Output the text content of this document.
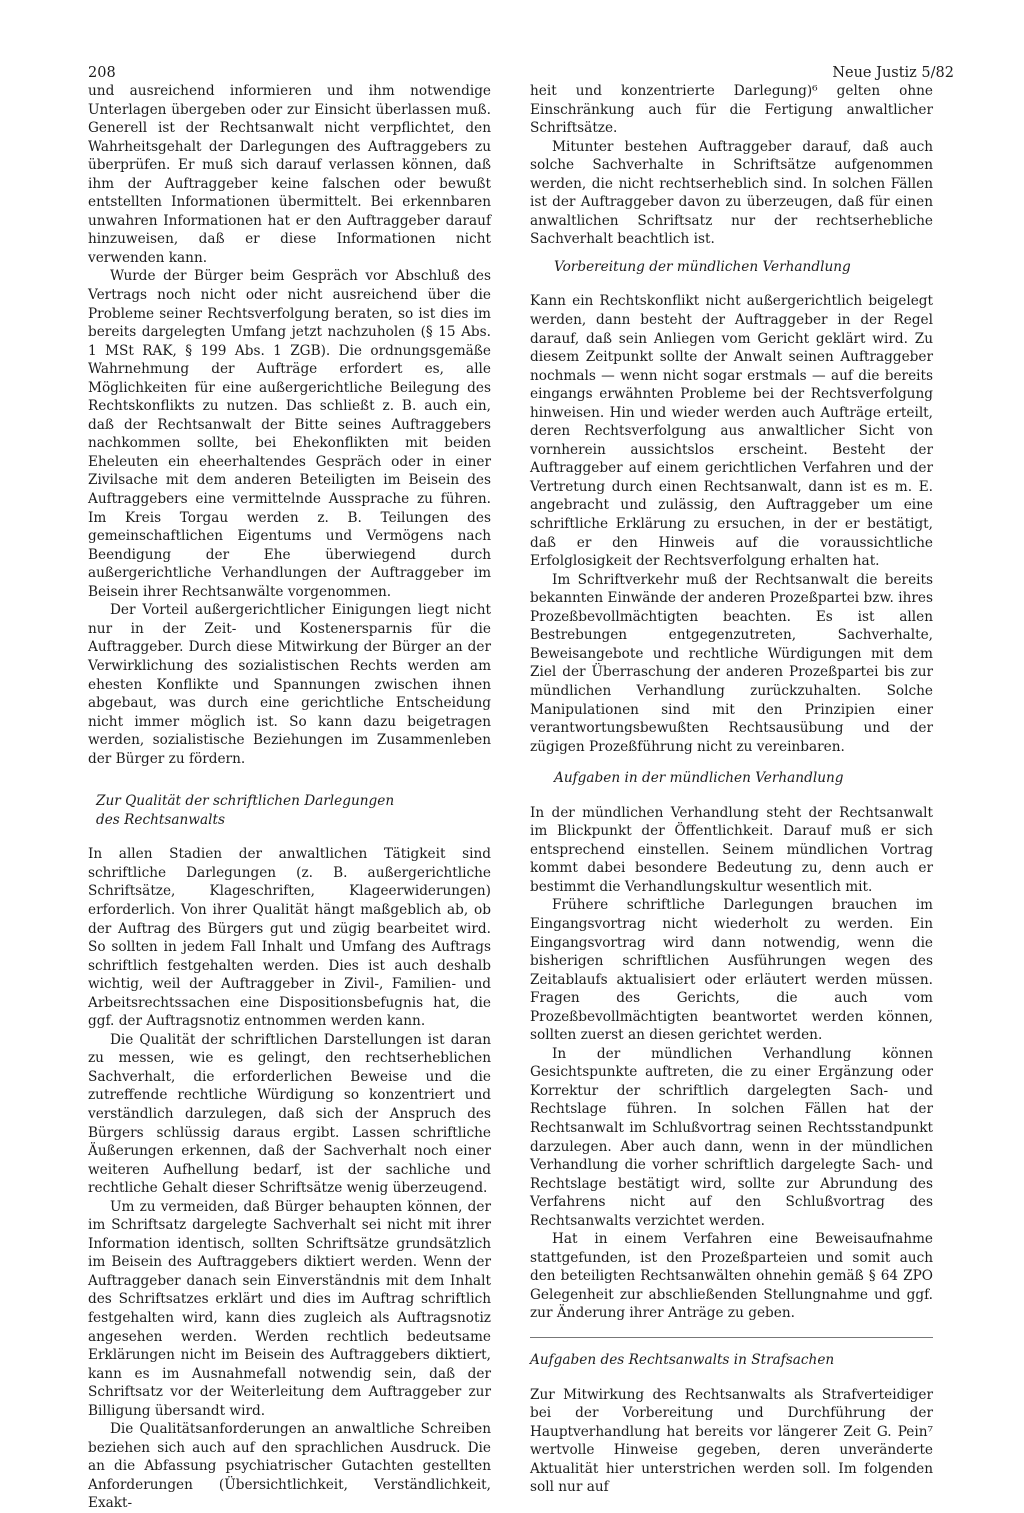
208	Neue Justiz 5/82

und ausreichend informieren und ihm notwendige Unterlagen übergeben oder zur Einsicht überlassen muß. Generell ist der Rechtsanwalt nicht verpflichtet, den Wahrheitsgehalt der Darlegungen des Auftraggebers zu überprüfen. Er muß sich darauf verlassen können, daß ihm der Auftraggeber keine falschen oder bewußt entstellten Informationen übermittelt. Bei erkennbaren unwahren Informationen hat er den Auftraggeber darauf hinzuweisen, daß er diese Informationen nicht verwenden kann.

Wurde der Bürger beim Gespräch vor Abschluß des Vertrags noch nicht oder nicht ausreichend über die Probleme seiner Rechtsverfolgung beraten, so ist dies im bereits dargelegten Umfang jetzt nachzuholen (§ 15 Abs. 1 MSt RAK, § 199 Abs. 1 ZGB). Die ordnungsgemäße Wahrnehmung der Aufträge erfordert es, alle Möglichkeiten für eine außergerichtliche Beilegung des Rechtskonflikts zu nutzen. Das schließt z. B. auch ein, daß der Rechtsanwalt der Bitte seines Auftraggebers nachkommen sollte, bei Ehekonflikten mit beiden Eheleuten ein eheerhaltendes Gespräch oder in einer Zivilsache mit dem anderen Beteiligten im Beisein des Auftraggebers eine vermittelnde Aussprache zu führen. Im Kreis Torgau werden z. B. Teilungen des gemeinschaftlichen Eigentums und Vermögens nach Beendigung der Ehe überwiegend durch außergerichtliche Verhandlungen der Auftraggeber im Beisein ihrer Rechtsanwälte vorgenommen.

Der Vorteil außergerichtlicher Einigungen liegt nicht nur in der Zeit- und Kostenersparnis für die Auftraggeber. Durch diese Mitwirkung der Bürger an der Verwirklichung des sozialistischen Rechts werden am ehesten Konflikte und Spannungen zwischen ihnen abgebaut, was durch eine gerichtliche Entscheidung nicht immer möglich ist. So kann dazu beigetragen werden, sozialistische Beziehungen im Zusammenleben der Bürger zu fördern.

Zur Qualität der schriftlichen Darlegungen
des Rechtsanwalts

In allen Stadien der anwaltlichen Tätigkeit sind schriftliche Darlegungen (z. B. außergerichtliche Schriftsätze, Klageschriften, Klageerwiderungen) erforderlich. Von ihrer Qualität hängt maßgeblich ab, ob der Auftrag des Bürgers gut und zügig bearbeitet wird. So sollten in jedem Fall Inhalt und Umfang des Auftrags schriftlich festgehalten werden. Dies ist auch deshalb wichtig, weil der Auftraggeber in Zivil-, Familien- und Arbeitsrechtssachen eine Dispositionsbefugnis hat, die ggf. der Auftragsnotiz entnommen werden kann.

Die Qualität der schriftlichen Darstellungen ist daran zu messen, wie es gelingt, den rechtserheblichen Sachverhalt, die erforderlichen Beweise und die zutreffende rechtliche Würdigung so konzentriert und verständlich darzulegen, daß sich der Anspruch des Bürgers schlüssig daraus ergibt. Lassen schriftliche Äußerungen erkennen, daß der Sachverhalt noch einer weiteren Aufhellung bedarf, ist der sachliche und rechtliche Gehalt dieser Schriftsätze wenig überzeugend.

Um zu vermeiden, daß Bürger behaupten können, der im Schriftsatz dargelegte Sachverhalt sei nicht mit ihrer Information identisch, sollten Schriftsätze grundsätzlich im Beisein des Auftraggebers diktiert werden. Wenn der Auftraggeber danach sein Einverständnis mit dem Inhalt des Schriftsatzes erklärt und dies im Auftrag schriftlich festgehalten wird, kann dies zugleich als Auftragsnotiz angesehen werden. Werden rechtlich bedeutsame Erklärungen nicht im Beisein des Auftraggebers diktiert, kann es im Ausnahmefall notwendig sein, daß der Schriftsatz vor der Weiterleitung dem Auftraggeber zur Billigung übersandt wird.

Die Qualitätsanforderungen an anwaltliche Schreiben beziehen sich auch auf den sprachlichen Ausdruck. Die an die Abfassung psychiatrischer Gutachten gestellten Anforderungen (Übersichtlichkeit, Verständlichkeit, Exakt-

heit und konzentrierte Darlegung)⁶ gelten ohne Einschränkung auch für die Fertigung anwaltlicher Schriftsätze.

Mitunter bestehen Auftraggeber darauf, daß auch solche Sachverhalte in Schriftsätze aufgenommen werden, die nicht rechtserheblich sind. In solchen Fällen ist der Auftraggeber davon zu überzeugen, daß für einen anwaltlichen Schriftsatz nur der rechtserhebliche Sachverhalt beachtlich ist.

Vorbereitung der mündlichen Verhandlung

Kann ein Rechtskonflikt nicht außergerichtlich beigelegt werden, dann besteht der Auftraggeber in der Regel darauf, daß sein Anliegen vom Gericht geklärt wird. Zu diesem Zeitpunkt sollte der Anwalt seinen Auftraggeber nochmals — wenn nicht sogar erstmals — auf die bereits eingangs erwähnten Probleme bei der Rechtsverfolgung hinweisen. Hin und wieder werden auch Aufträge erteilt, deren Rechtsverfolgung aus anwaltlicher Sicht von vornherein aussichtslos erscheint. Besteht der Auftraggeber auf einem gerichtlichen Verfahren und der Vertretung durch einen Rechtsanwalt, dann ist es m. E. angebracht und zulässig, den Auftraggeber um eine schriftliche Erklärung zu ersuchen, in der er bestätigt, daß er den Hinweis auf die voraussichtliche Erfolglosigkeit der Rechtsverfolgung erhalten hat.

Im Schriftverkehr muß der Rechtsanwalt die bereits bekannten Einwände der anderen Prozeßpartei bzw. ihres Prozeßbevollmächtigten beachten. Es ist allen Bestrebungen entgegenzutreten, Sachverhalte, Beweisangebote und rechtliche Würdigungen mit dem Ziel der Überraschung der anderen Prozeßpartei bis zur mündlichen Verhandlung zurückzuhalten. Solche Manipulationen sind mit den Prinzipien einer verantwortungsbewußten Rechtsausübung und der zügigen Prozeßführung nicht zu vereinbaren.

Aufgaben in der mündlichen Verhandlung

In der mündlichen Verhandlung steht der Rechtsanwalt im Blickpunkt der Öffentlichkeit. Darauf muß er sich entsprechend einstellen. Seinem mündlichen Vortrag kommt dabei besondere Bedeutung zu, denn auch er bestimmt die Verhandlungskultur wesentlich mit.

Frühere schriftliche Darlegungen brauchen im Eingangsvortrag nicht wiederholt zu werden. Ein Eingangsvortrag wird dann notwendig, wenn die bisherigen schriftlichen Ausführungen wegen des Zeitablaufs aktualisiert oder erläutert werden müssen. Fragen des Gerichts, die auch vom Prozeßbevollmächtigten beantwortet werden können, sollten zuerst an diesen gerichtet werden.

In der mündlichen Verhandlung können Gesichtspunkte auftreten, die zu einer Ergänzung oder Korrektur der schriftlich dargelegten Sach- und Rechtslage führen. In solchen Fällen hat der Rechtsanwalt im Schlußvortrag seinen Rechtsstandpunkt darzulegen. Aber auch dann, wenn in der mündlichen Verhandlung die vorher schriftlich dargelegte Sach- und Rechtslage bestätigt wird, sollte zur Abrundung des Verfahrens nicht auf den Schlußvortrag des Rechtsanwalts verzichtet werden.

Hat in einem Verfahren eine Beweisaufnahme stattgefunden, ist den Prozeßparteien und somit auch den beteiligten Rechtsanwälten ohnehin gemäß § 64 ZPO Gelegenheit zur abschließenden Stellungnahme und ggf. zur Änderung ihrer Anträge zu geben.

Aufgaben des Rechtsanwalts in Strafsachen

Zur Mitwirkung des Rechtsanwalts als Strafverteidiger bei der Vorbereitung und Durchführung der Hauptverhandlung hat bereits vor längerer Zeit G. Pein⁷ wertvolle Hinweise gegeben, deren unveränderte Aktualität hier unterstrichen werden soll. Im folgenden soll nur auf
